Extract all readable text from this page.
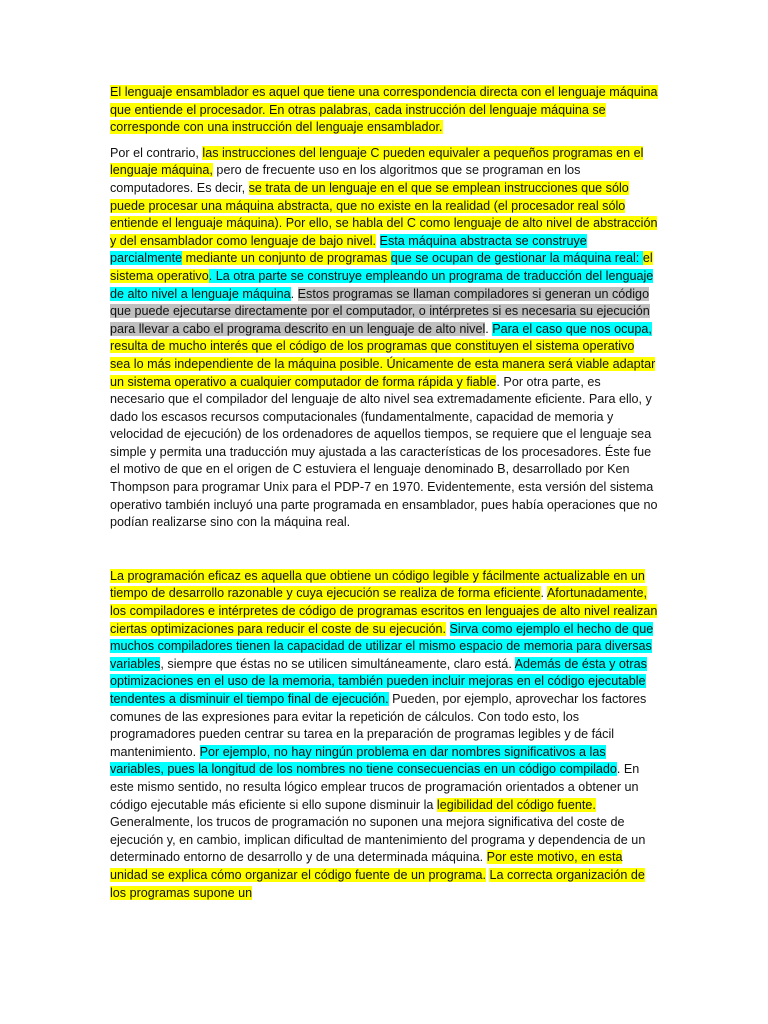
El lenguaje ensamblador es aquel que tiene una correspondencia directa con el lenguaje máquina que entiende el procesador. En otras palabras, cada instrucción del lenguaje máquina se corresponde con una instrucción del lenguaje ensamblador.

Por el contrario, las instrucciones del lenguaje C pueden equivaler a pequeños programas en el lenguaje máquina, pero de frecuente uso en los algoritmos que se programan en los computadores. Es decir, se trata de un lenguaje en el que se emplean instrucciones que sólo puede procesar una máquina abstracta, que no existe en la realidad (el procesador real sólo entiende el lenguaje máquina). Por ello, se habla del C como lenguaje de alto nivel de abstracción y del ensamblador como lenguaje de bajo nivel. Esta máquina abstracta se construye parcialmente mediante un conjunto de programas que se ocupan de gestionar la máquina real: el sistema operativo. La otra parte se construye empleando un programa de traducción del lenguaje de alto nivel a lenguaje máquina. Estos programas se llaman compiladores si generan un código que puede ejecutarse directamente por el computador, o intérpretes si es necesaria su ejecución para llevar a cabo el programa descrito en un lenguaje de alto nivel. Para el caso que nos ocupa, resulta de mucho interés que el código de los programas que constituyen el sistema operativo sea lo más independiente de la máquina posible. Únicamente de esta manera será viable adaptar un sistema operativo a cualquier computador de forma rápida y fiable. Por otra parte, es necesario que el compilador del lenguaje de alto nivel sea extremadamente eficiente. Para ello, y dado los escasos recursos computacionales (fundamentalmente, capacidad de memoria y velocidad de ejecución) de los ordenadores de aquellos tiempos, se requiere que el lenguaje sea simple y permita una traducción muy ajustada a las características de los procesadores. Éste fue el motivo de que en el origen de C estuviera el lenguaje denominado B, desarrollado por Ken Thompson para programar Unix para el PDP-7 en 1970. Evidentemente, esta versión del sistema operativo también incluyó una parte programada en ensamblador, pues había operaciones que no podían realizarse sino con la máquina real.

La programación eficaz es aquella que obtiene un código legible y fácilmente actualizable en un tiempo de desarrollo razonable y cuya ejecución se realiza de forma eficiente. Afortunadamente, los compiladores e intérpretes de código de programas escritos en lenguajes de alto nivel realizan ciertas optimizaciones para reducir el coste de su ejecución. Sirva como ejemplo el hecho de que muchos compiladores tienen la capacidad de utilizar el mismo espacio de memoria para diversas variables, siempre que éstas no se utilicen simultáneamente, claro está. Además de ésta y otras optimizaciones en el uso de la memoria, también pueden incluir mejoras en el código ejecutable tendentes a disminuir el tiempo final de ejecución. Pueden, por ejemplo, aprovechar los factores comunes de las expresiones para evitar la repetición de cálculos. Con todo esto, los programadores pueden centrar su tarea en la preparación de programas legibles y de fácil mantenimiento. Por ejemplo, no hay ningún problema en dar nombres significativos a las variables, pues la longitud de los nombres no tiene consecuencias en un código compilado. En este mismo sentido, no resulta lógico emplear trucos de programación orientados a obtener un código ejecutable más eficiente si ello supone disminuir la legibilidad del código fuente. Generalmente, los trucos de programación no suponen una mejora significativa del coste de ejecución y, en cambio, implican dificultad de mantenimiento del programa y dependencia de un determinado entorno de desarrollo y de una determinada máquina. Por este motivo, en esta unidad se explica cómo organizar el código fuente de un programa. La correcta organización de los programas supone un
